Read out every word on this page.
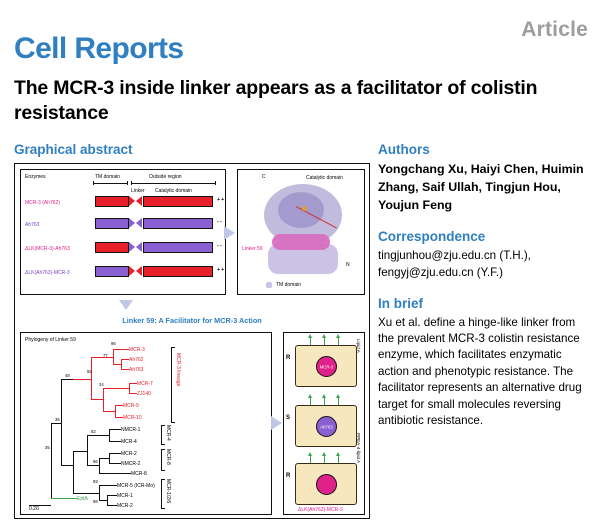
Article
Cell Reports
The MCR-3 inside linker appears as a facilitator of colistin resistance
Graphical abstract
Enzymes	TM domain	Outside region
Linker Catalytic domain
MCR-3 (Ah762)	+ +
Ah763	- -
ΔLK(MCR-3)-Ah763	- -
ΔLK(Ah763)-MCR-3	+ +
Catalytic domain
C
N
Linker 59
TM domain
Linker 59: A Facilitator for MCR-3 Action
Phylogeny of Linker 59
MCR-3
Ah762
Ah763
MCR-7
ZJ140
MCR-9
MCR-10
NMCR-1
MCR-4
MCR-2
NMCR-2
MCR-8
MCR-5 (ICR-Mo)
MCR-1
MCR-2
EptA
96
77
55
48
24
35
82
96
35
59
98
MCR-3 lineage
MCR-4
MCR-8
MCR-1/2/6
0.20
R
MCR-3
S
Ah763
R
Lipid A
PPEA-4-lipid A
ΔLK(Ah763)-MCR-3
Authors
Yongchang Xu, Haiyi Chen, Huimin Zhang, Saif Ullah, Tingjun Hou, Youjun Feng
Correspondence
tingjunhou@zju.edu.cn (T.H.), fengyj@zju.edu.cn (Y.F.)
In brief
Xu et al. define a hinge-like linker from the prevalent MCR-3 colistin resistance enzyme, which facilitates enzymatic action and phenotypic resistance. The facilitator represents an alternative drug target for small molecules reversing antibiotic resistance.
